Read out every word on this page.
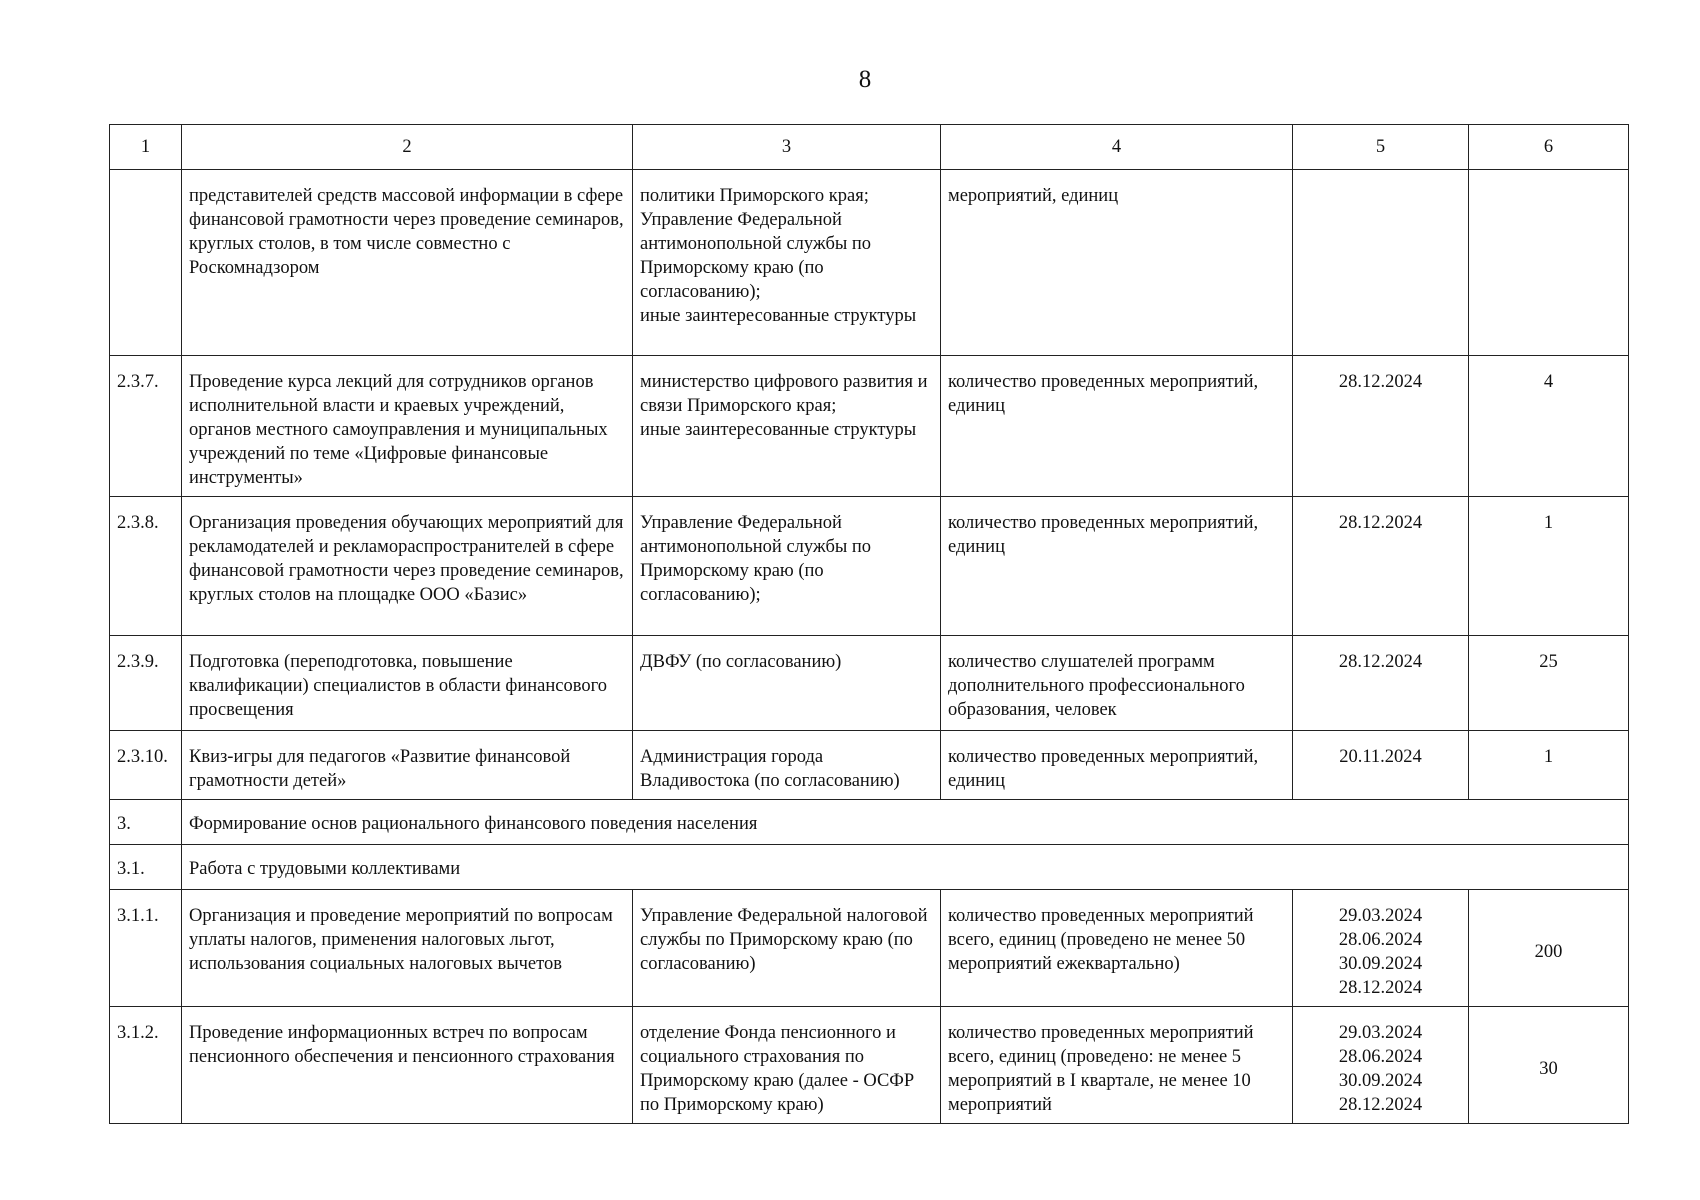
8
1	2	3	4	5	6
	представителей средств массовой информации в сфере финансовой грамотности через проведение семинаров, круглых столов, в том числе совместно с Роскомнадзором	политики Приморского края;
Управление Федеральной антимонопольной службы по Приморскому краю (по согласованию);
иные заинтересованные структуры	мероприятий, единиц		
2.3.7.	Проведение курса лекций для сотрудников органов исполнительной власти и краевых учреждений, органов местного самоуправления и муниципальных учреждений по теме «Цифровые финансовые инструменты»	министерство цифрового развития и связи Приморского края;
иные заинтересованные структуры	количество проведенных мероприятий, единиц	28.12.2024	4
2.3.8.	Организация проведения обучающих мероприятий для рекламодателей и рекламораспространителей в сфере финансовой грамотности через проведение семинаров, круглых столов на площадке ООО «Базис»	Управление Федеральной антимонопольной службы по Приморскому краю (по согласованию);	количество проведенных мероприятий, единиц	28.12.2024	1
2.3.9.	Подготовка (переподготовка, повышение квалификации) специалистов в области финансового просвещения	ДВФУ (по согласованию)	количество слушателей программ дополнительного профессионального образования, человек	28.12.2024	25
2.3.10.	Квиз-игры для педагогов «Развитие финансовой грамотности детей»	Администрация города Владивостока (по согласованию)	количество проведенных мероприятий, единиц	20.11.2024	1
3.	Формирование основ рационального финансового поведения населения				
3.1.	Работа с трудовыми коллективами				
3.1.1.	Организация и проведение мероприятий по вопросам уплаты налогов, применения налоговых льгот, использования социальных налоговых вычетов	Управление Федеральной налоговой службы по Приморскому краю (по согласованию)	количество проведенных мероприятий всего, единиц (проведено не менее 50 мероприятий ежеквартально)	29.03.2024
28.06.2024
30.09.2024
28.12.2024	200
3.1.2.	Проведение информационных встреч по вопросам пенсионного обеспечения и пенсионного страхования	отделение Фонда пенсионного и социального страхования по Приморскому краю (далее - ОСФР по Приморскому краю)	количество проведенных мероприятий всего, единиц (проведено: не менее 5 мероприятий в I квартале, не менее 10 мероприятий	29.03.2024
28.06.2024
30.09.2024
28.12.2024	30
